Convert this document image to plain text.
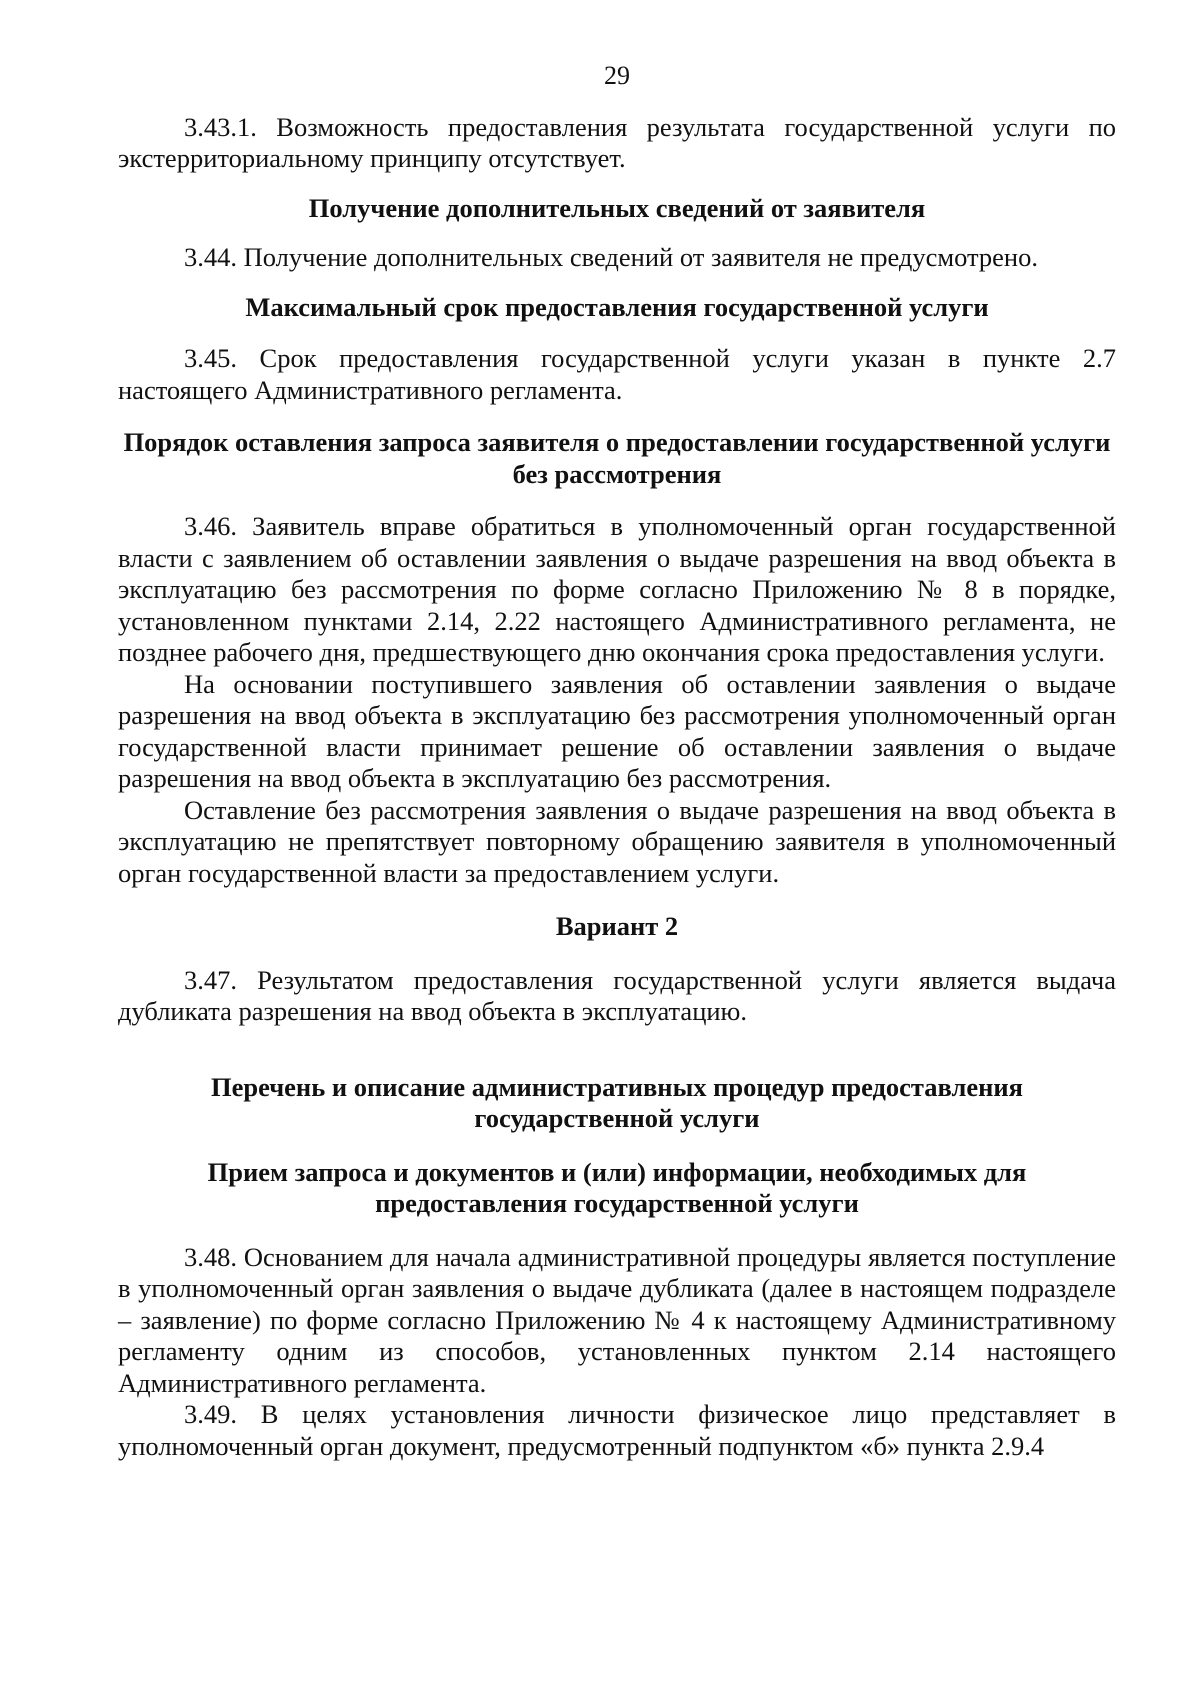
29

3.43.1. Возможность предоставления результата государственной услуги по экстерриториальному принципу отсутствует.

Получение дополнительных сведений от заявителя

3.44. Получение дополнительных сведений от заявителя не предусмотрено.

Максимальный срок предоставления государственной услуги

3.45. Срок предоставления государственной услуги указан в пункте 2.7 настоящего Административного регламента.

Порядок оставления запроса заявителя о предоставлении государственной услуги без рассмотрения

3.46. Заявитель вправе обратиться в уполномоченный орган государственной власти с заявлением об оставлении заявления о выдаче разрешения на ввод объекта в эксплуатацию без рассмотрения по форме согласно Приложению № 8 в порядке, установленном пунктами 2.14, 2.22 настоящего Административного регламента, не позднее рабочего дня, предшествующего дню окончания срока предоставления услуги.

На основании поступившего заявления об оставлении заявления о выдаче разрешения на ввод объекта в эксплуатацию без рассмотрения уполномоченный орган государственной власти принимает решение об оставлении заявления о выдаче разрешения на ввод объекта в эксплуатацию без рассмотрения.

Оставление без рассмотрения заявления о выдаче разрешения на ввод объекта в эксплуатацию не препятствует повторному обращению заявителя в уполномоченный орган государственной власти за предоставлением услуги.

Вариант 2

3.47. Результатом предоставления государственной услуги является выдача дубликата разрешения на ввод объекта в эксплуатацию.

Перечень и описание административных процедур предоставления государственной услуги
Прием запроса и документов и (или) информации, необходимых для предоставления государственной услуги

3.48. Основанием для начала административной процедуры является поступление в уполномоченный орган заявления о выдаче дубликата (далее в настоящем подразделе – заявление) по форме согласно Приложению № 4 к настоящему Административному регламенту одним из способов, установленных пунктом 2.14 настоящего Административного регламента.

3.49. В целях установления личности физическое лицо представляет в уполномоченный орган документ, предусмотренный подпунктом «б» пункта 2.9.4
